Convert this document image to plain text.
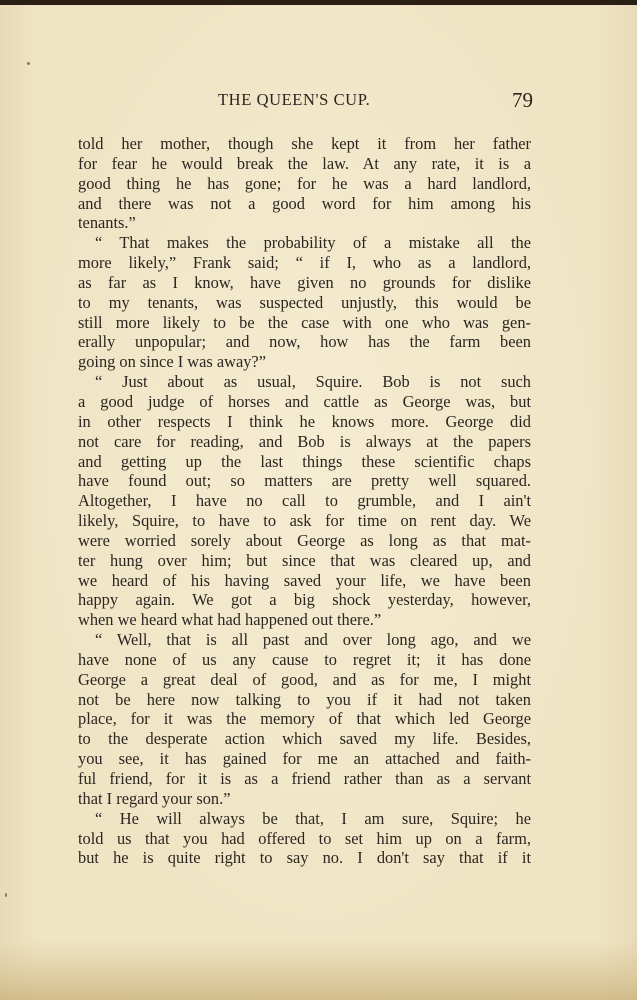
THE QUEEN'S CUP.	79
told her mother, though she kept it from her father
for fear he would break the law. At any rate, it is a
good thing he has gone; for he was a hard landlord,
and there was not a good word for him among his
tenants.”
“ That makes the probability of a mistake all the
more likely,” Frank said; “ if I, who as a landlord,
as far as I know, have given no grounds for dislike
to my tenants, was suspected unjustly, this would be
still more likely to be the case with one who was gen-
erally unpopular; and now, how has the farm been
going on since I was away?”
“ Just about as usual, Squire. Bob is not such
a good judge of horses and cattle as George was, but
in other respects I think he knows more. George did
not care for reading, and Bob is always at the papers
and getting up the last things these scientific chaps
have found out; so matters are pretty well squared.
Altogether, I have no call to grumble, and I ain't
likely, Squire, to have to ask for time on rent day. We
were worried sorely about George as long as that mat-
ter hung over him; but since that was cleared up, and
we heard of his having saved your life, we have been
happy again. We got a big shock yesterday, however,
when we heard what had happened out there.”
“ Well, that is all past and over long ago, and we
have none of us any cause to regret it; it has done
George a great deal of good, and as for me, I might
not be here now talking to you if it had not taken
place, for it was the memory of that which led George
to the desperate action which saved my life. Besides,
you see, it has gained for me an attached and faith-
ful friend, for it is as a friend rather than as a servant
that I regard your son.”
“ He will always be that, I am sure, Squire; he
told us that you had offered to set him up on a farm,
but he is quite right to say no. I don't say that if it
